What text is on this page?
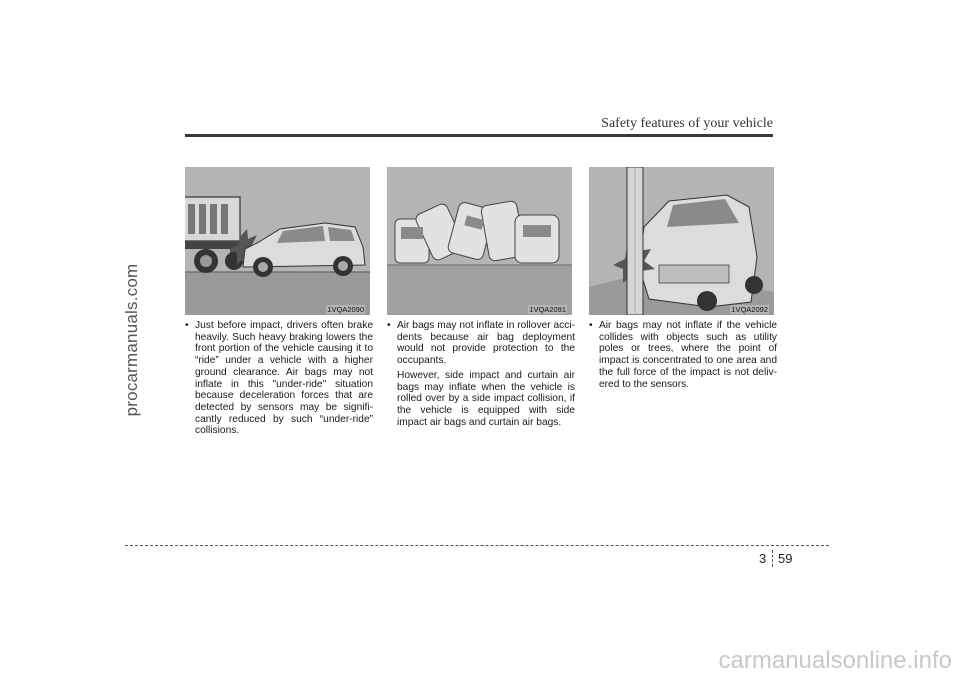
procarmanuals.com
Safety features of your vehicle
1VQA2090	1VQA2091	1VQA2092
• Just before impact, drivers often brake heavily. Such heavy braking lowers the front portion of the vehicle causing it to “ride” under a vehicle with a higher ground clearance. Air bags may not inflate in this "under-ride" situation because deceleration forces that are detected by sensors may be signifi-cantly reduced by such “under-ride” collisions.
• Air bags may not inflate in rollover acci-dents because air bag deployment would not provide protection to the occupants.
However, side impact and curtain air bags may inflate when the vehicle is rolled over by a side impact collision, if the vehicle is equipped with side impact air bags and curtain air bags.
• Air bags may not inflate if the vehicle collides with objects such as utility poles or trees, where the point of impact is concentrated to one area and the full force of the impact is not deliv-ered to the sensors.
3 59
carmanualsonline.info
